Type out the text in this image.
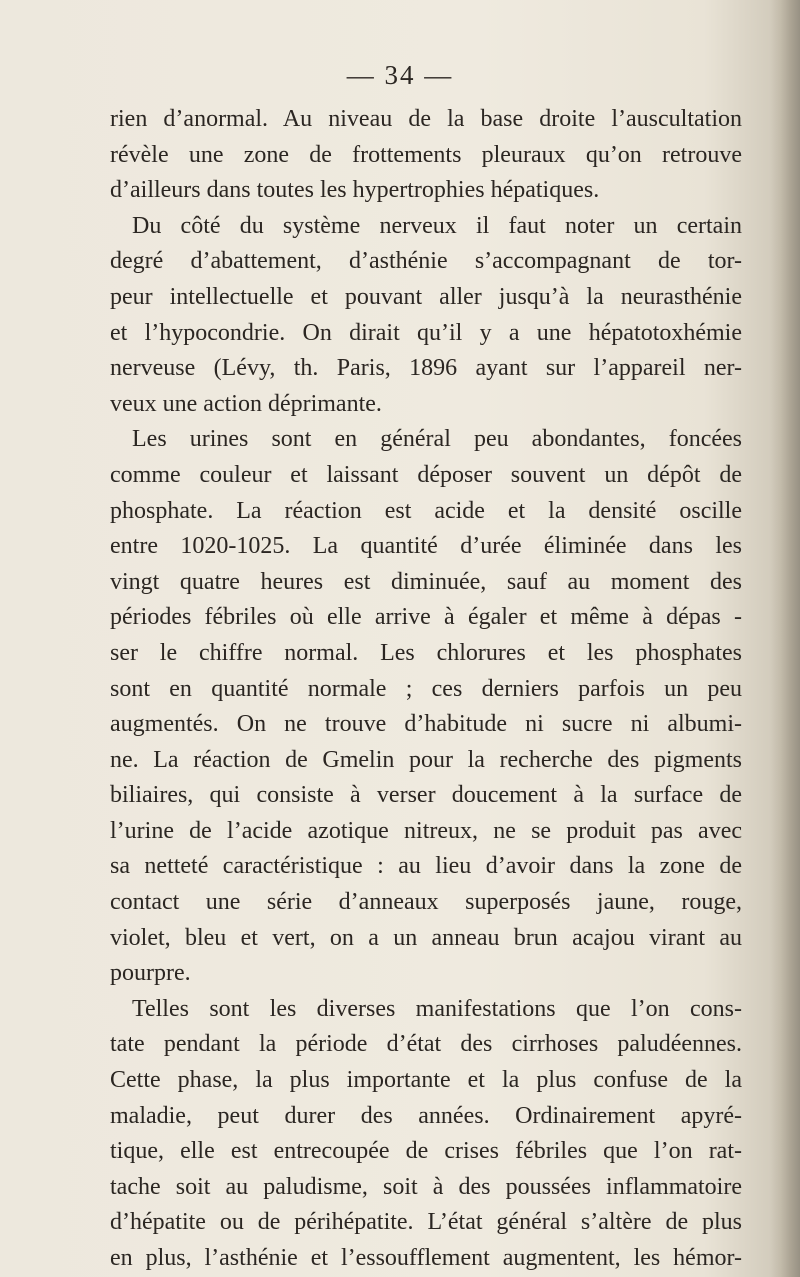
— 34 —
rien d’anormal. Au niveau de la base droite l’auscultation
révèle une zone de frottements pleuraux qu’on retrouve
d’ailleurs dans toutes les hypertrophies hépatiques.
Du côté du système nerveux il faut noter un certain
degré d’abattement, d’asthénie s’accompagnant de tor-
peur intellectuelle et pouvant aller jusqu’à la neurasthénie
et l’hypocondrie. On dirait qu’il y a une hépatotoxhémie
nerveuse (Lévy, th. Paris, 1896 ayant sur l’appareil ner-
veux une action déprimante.
Les urines sont en général peu abondantes, foncées
comme couleur et laissant déposer souvent un dépôt de
phosphate. La réaction est acide et la densité oscille
entre 1020-1025. La quantité d’urée éliminée dans les
vingt quatre heures est diminuée, sauf au moment des
périodes fébriles où elle arrive à égaler et même à dépas -
ser le chiffre normal. Les chlorures et les phosphates
sont en quantité normale ; ces derniers parfois un peu
augmentés. On ne trouve d’habitude ni sucre ni albumi-
ne. La réaction de Gmelin pour la recherche des pigments
biliaires, qui consiste à verser doucement à la surface de
l’urine de l’acide azotique nitreux, ne se produit pas avec
sa netteté caractéristique : au lieu d’avoir dans la zone de
contact une série d’anneaux superposés jaune, rouge,
violet, bleu et vert, on a un anneau brun acajou virant au
pourpre.
Telles sont les diverses manifestations que l’on cons-
tate pendant la période d’état des cirrhoses paludéennes.
Cette phase, la plus importante et la plus confuse de la
maladie, peut durer des années. Ordinairement apyré-
tique, elle est entrecoupée de crises fébriles que l’on rat-
tache soit au paludisme, soit à des poussées inflammatoire
d’hépatite ou de périhépatite. L’état général s’altère de plus
en plus, l’asthénie et l’essoufflement augmentent, les hémor-
